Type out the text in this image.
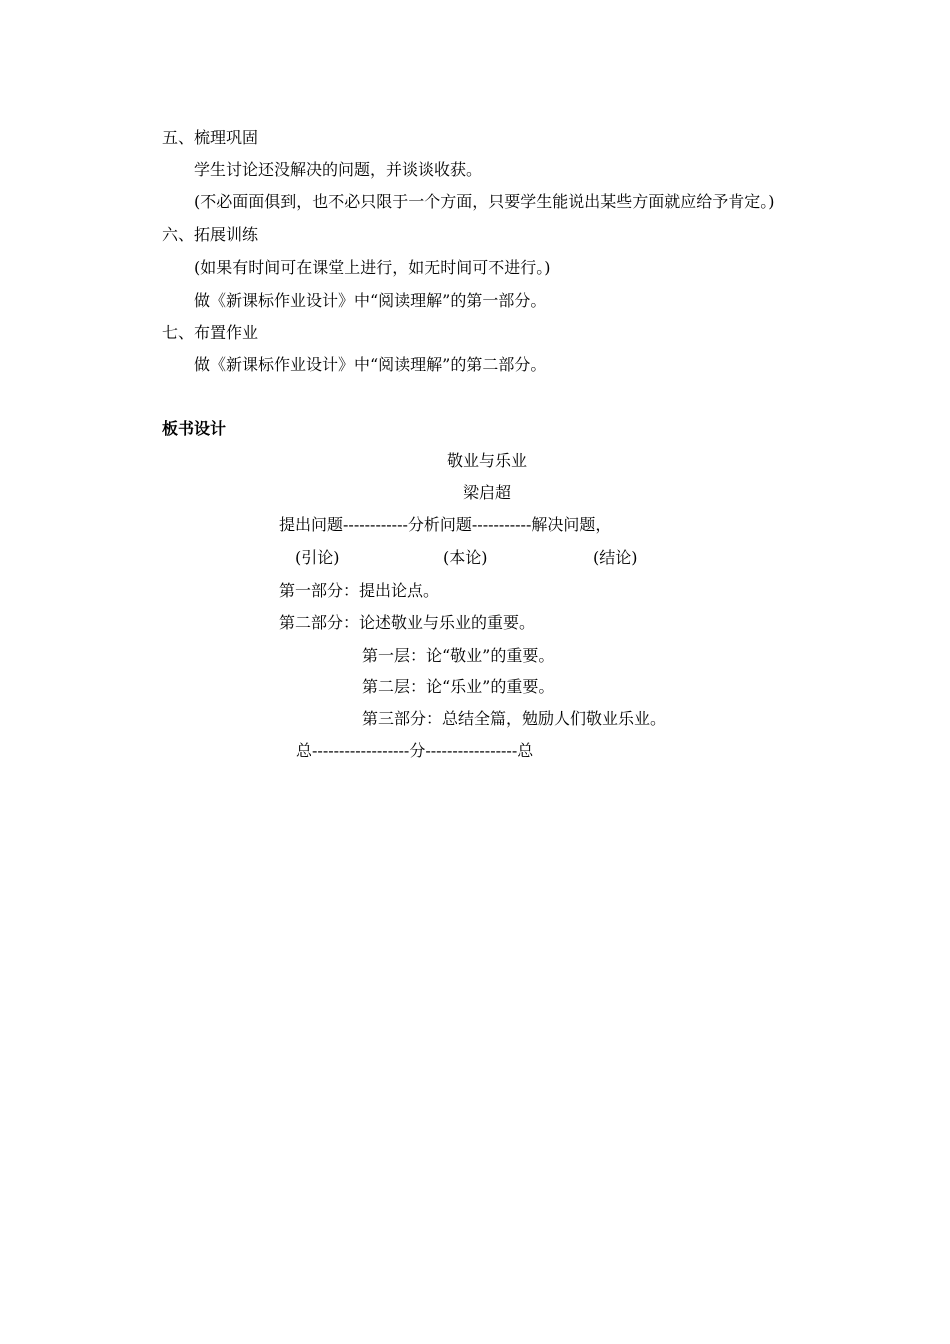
五、梳理巩固
学生讨论还没解决的问题，并谈谈收获。
(不必面面俱到，也不必只限于一个方面，只要学生能说出某些方面就应给予肯定。)
六、拓展训练
(如果有时间可在课堂上进行，如无时间可不进行。)
做《新课标作业设计》中“阅读理解”的第一部分。
七、布置作业
做《新课标作业设计》中“阅读理解”的第二部分。
板书设计
敬业与乐业
梁启超
提出问题------------分析问题-----------解决问题，
(引论)	(本论)	(结论)
第一部分：提出论点。
第二部分：论述敬业与乐业的重要。
第一层：论“敬业”的重要。
第二层：论“乐业”的重要。
第三部分：总结全篇，勉励人们敬业乐业。
总------------------分-----------------总
